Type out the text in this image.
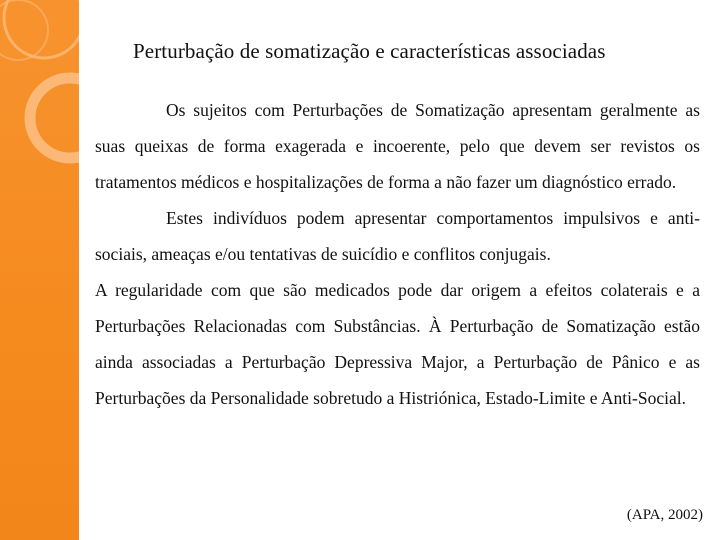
Perturbação de somatização e características associadas

Os sujeitos com Perturbações de Somatização apresentam geralmente as suas queixas de forma exagerada e incoerente, pelo que devem ser revistos os tratamentos médicos e hospitalizações de forma a não fazer um diagnóstico errado.

Estes indivíduos podem apresentar comportamentos impulsivos e anti-sociais, ameaças e/ou tentativas de suicídio e conflitos conjugais.

A regularidade com que são medicados pode dar origem a efeitos colaterais e a Perturbações Relacionadas com Substâncias. À Perturbação de Somatização estão ainda associadas a Perturbação Depressiva Major, a Perturbação de Pânico e as Perturbações da Personalidade sobretudo a Histriónica, Estado-Limite e Anti-Social.

(APA, 2002)
